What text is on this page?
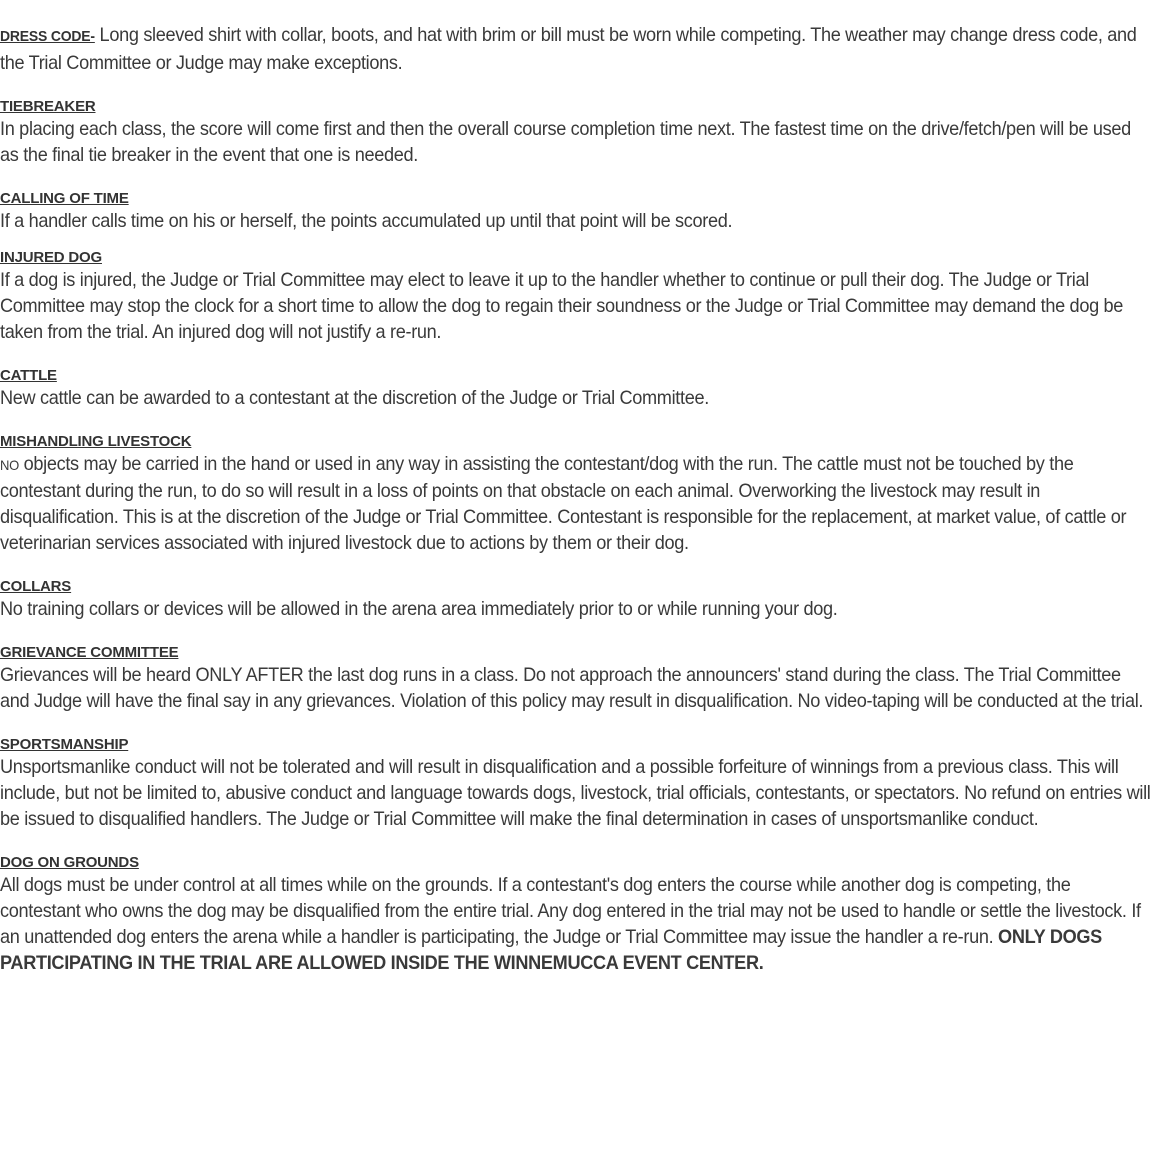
DRESS CODE- Long sleeved shirt with collar, boots, and hat with brim or bill must be worn while competing. The weather may change dress code, and the Trial Committee or Judge may make exceptions.

TIEBREAKER

In placing each class, the score will come first and then the overall course completion time next. The fastest time on the drive/fetch/pen will be used as the final tie breaker in the event that one is needed.

CALLING OF TIME

If a handler calls time on his or herself, the points accumulated up until that point will be scored.

INJURED DOG

If a dog is injured, the Judge or Trial Committee may elect to leave it up to the handler whether to continue or pull their dog. The Judge or Trial Committee may stop the clock for a short time to allow the dog to regain their soundness or the Judge or Trial Committee may demand the dog be taken from the trial. An injured dog will not justify a re-run.

CATTLE

New cattle can be awarded to a contestant at the discretion of the Judge or Trial Committee.

MISHANDLING LIVESTOCK

NO objects may be carried in the hand or used in any way in assisting the contestant/dog with the run. The cattle must not be touched by the contestant during the run, to do so will result in a loss of points on that obstacle on each animal. Overworking the livestock may result in disqualification. This is at the discretion of the Judge or Trial Committee. Contestant is responsible for the replacement, at market value, of cattle or veterinarian services associated with injured livestock due to actions by them or their dog.

COLLARS

No training collars or devices will be allowed in the arena area immediately prior to or while running your dog.

GRIEVANCE COMMITTEE

Grievances will be heard ONLY AFTER the last dog runs in a class. Do not approach the announcers' stand during the class. The Trial Committee and Judge will have the final say in any grievances. Violation of this policy may result in disqualification. No video-taping will be conducted at the trial.

SPORTSMANSHIP

Unsportsmanlike conduct will not be tolerated and will result in disqualification and a possible forfeiture of winnings from a previous class. This will include, but not be limited to, abusive conduct and language towards dogs, livestock, trial officials, contestants, or spectators. No refund on entries will be issued to disqualified handlers. The Judge or Trial Committee will make the final determination in cases of unsportsmanlike conduct.

DOG ON GROUNDS

All dogs must be under control at all times while on the grounds. If a contestant's dog enters the course while another dog is competing, the contestant who owns the dog may be disqualified from the entire trial. Any dog entered in the trial may not be used to handle or settle the livestock. If an unattended dog enters the arena while a handler is participating, the Judge or Trial Committee may issue the handler a re-run. ONLY DOGS PARTICIPATING IN THE TRIAL ARE ALLOWED INSIDE THE WINNEMUCCA EVENT CENTER.
